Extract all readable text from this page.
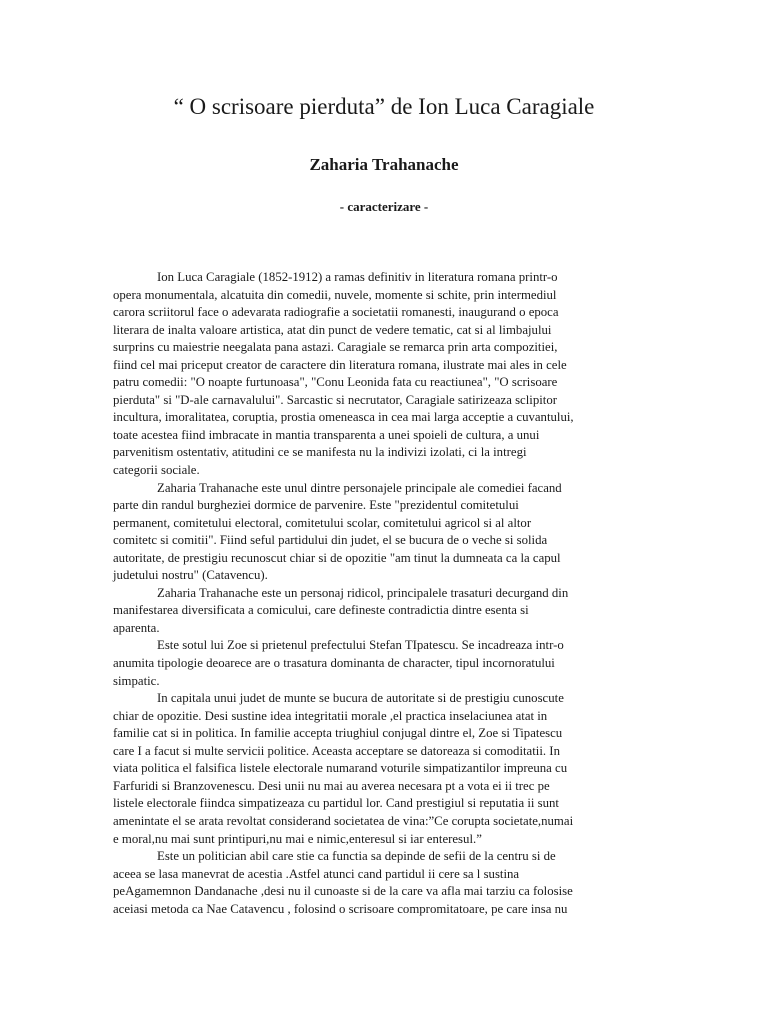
“ O scrisoare pierduta” de Ion Luca Caragiale
Zaharia Trahanache
- caracterizare -
Ion Luca Caragiale (1852-1912) a ramas definitiv in literatura romana printr-o
opera monumentala, alcatuita din comedii, nuvele, momente si schite, prin intermediul
carora scriitorul face o adevarata radiografie a societatii romanesti, inaugurand o epoca
literara de inalta valoare artistica, atat din punct de vedere tematic, cat si al limbajului
surprins cu maiestrie neegalata pana astazi. Caragiale se remarca prin arta compozitiei,
fiind cel mai priceput creator de caractere din literatura romana, ilustrate mai ales in cele
patru comedii: "O noapte furtunoasa", "Conu Leonida fata cu reactiunea", "O scrisoare
pierduta" si "D-ale carnavalului". Sarcastic si necrutator, Caragiale satirizeaza sclipitor
incultura, imoralitatea, coruptia, prostia omeneasca in cea mai larga acceptie a cuvantului,
toate acestea fiind imbracate in mantia transparenta a unei spoieli de cultura, a unui
parvenitism ostentativ, atitudini ce se manifesta nu la indivizi izolati, ci la intregi
categorii sociale.
Zaharia Trahanache este unul dintre personajele principale ale comediei facand
parte din randul burgheziei dormice de parvenire. Este "prezidentul comitetului
permanent, comitetului electoral, comitetului scolar, comitetului agricol si al altor
comitetc si comitii". Fiind seful partidului din judet, el se bucura de o veche si solida
autoritate, de prestigiu recunoscut chiar si de opozitie "am tinut la dumneata ca la capul
judetului nostru" (Catavencu).
Zaharia Trahanache este un personaj ridicol, principalele trasaturi decurgand din
manifestarea diversificata a comicului, care defineste contradictia dintre esenta si
aparenta.
Este sotul lui Zoe si prietenul prefectului Stefan TIpatescu. Se incadreaza intr-o
anumita tipologie deoarece are o trasatura dominanta de character, tipul incornoratului
simpatic.
In capitala unui judet de munte se bucura de autoritate si de prestigiu cunoscute
chiar de opozitie. Desi sustine idea integritatii morale ,el practica inselaciunea atat in
familie cat si in politica. In familie accepta triughiul conjugal dintre el, Zoe si Tipatescu
care I a facut si multe servicii politice. Aceasta acceptare se datoreaza si comoditatii. In
viata politica el falsifica listele electorale numarand voturile simpatizantilor impreuna cu
Farfuridi si Branzovenescu. Desi unii nu mai au averea necesara pt a vota ei ii trec pe
listele electorale fiindca simpatizeaza cu partidul lor. Cand prestigiul si reputatia ii sunt
amenintate el se arata revoltat considerand societatea de vina:”Ce corupta societate,numai
e moral,nu mai sunt printipuri,nu mai e nimic,enteresul si iar enteresul.”
Este un politician abil care stie ca functia sa depinde de sefii de la centru si de
aceea se lasa manevrat de acestia .Astfel atunci cand partidul ii cere sa l sustina
peAgamemnon Dandanache ,desi nu il cunoaste si de la care va afla mai tarziu ca folosise
aceiasi metoda ca Nae Catavencu , folosind o scrisoare compromitatoare, pe care insa nu
